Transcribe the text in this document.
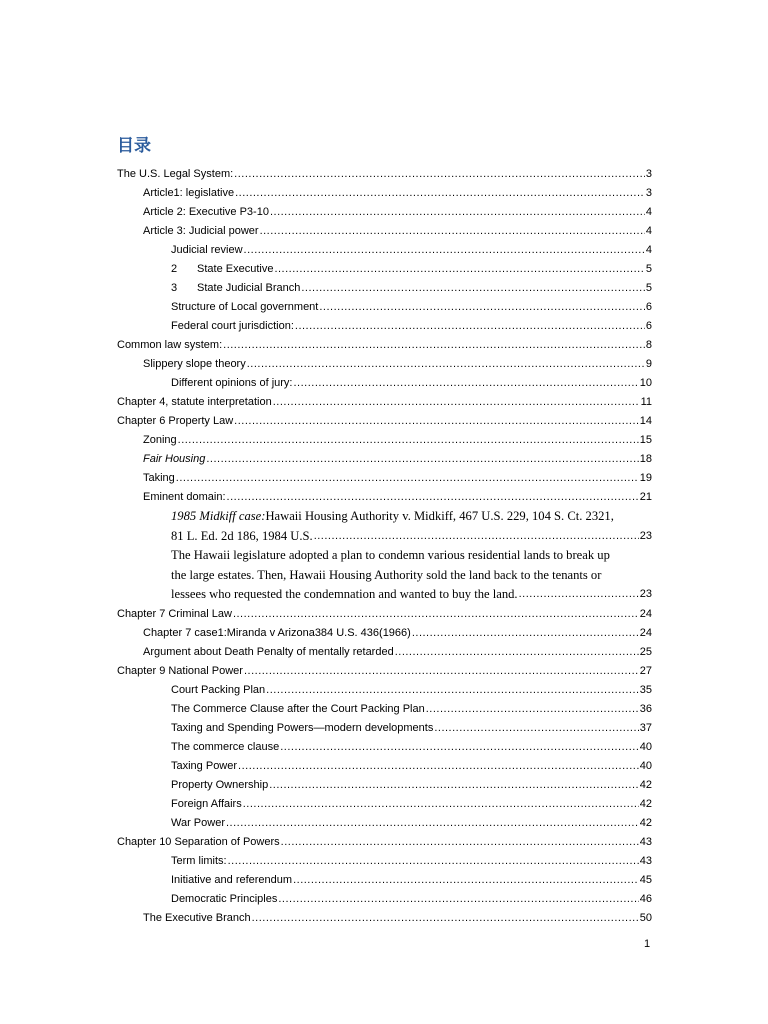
目录
The U.S. Legal System: .....	3
Article1: legislative .....	3
Article 2: Executive P3-10 .....	4
Article 3: Judicial power .....	4
Judicial review .....	4
2 State Executive .....	5
3 State Judicial Branch .....	5
Structure of Local government .....	6
Federal court jurisdiction: .....	6
Common law system: .....	8
Slippery slope theory .....	9
Different opinions of jury: .....	10
Chapter 4, statute interpretation .....	11
Chapter 6 Property Law .....	14
Zoning .....	15
Fair Housing .....	18
Taking .....	19
Eminent domain: .....	21
1985 Midkiff case:Hawaii Housing Authority v. Midkiff, 467 U.S. 229, 104 S. Ct. 2321,
81 L. Ed. 2d 186, 1984 U.S. .....	23
The Hawaii legislature adopted a plan to condemn various residential lands to break up
the large estates. Then, Hawaii Housing Authority sold the land back to the tenants or
lessees who requested the condemnation and wanted to buy the land. .....	23
Chapter 7 Criminal Law .....	24
Chapter 7 case1:Miranda v Arizona384 U.S. 436(1966) .....	24
Argument about Death Penalty of mentally retarded .....	25
Chapter 9 National Power .....	27
Court Packing Plan .....	35
The Commerce Clause after the Court Packing Plan .....	36
Taxing and Spending Powers—modern developments .....	37
The commerce clause .....	40
Taxing Power .....	40
Property Ownership .....	42
Foreign Affairs .....	42
War Power .....	42
Chapter 10 Separation of Powers .....	43
Term limits: .....	43
Initiative and referendum .....	45
Democratic Principles .....	46
The Executive Branch .....	50
1
